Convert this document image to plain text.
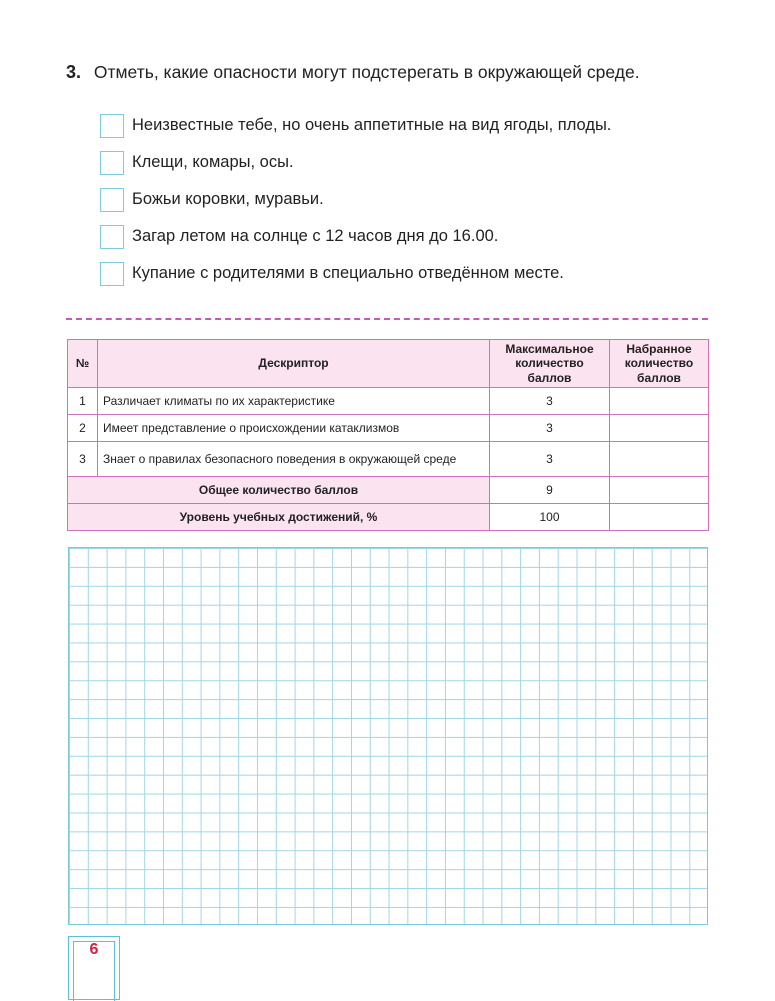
3. Отметь, какие опасности могут подстерегать в окружающей среде.
Неизвестные тебе, но очень аппетитные на вид ягоды, плоды.
Клещи, комары, осы.
Божьи коровки, муравьи.
Загар летом на солнце с 12 часов дня до 16.00.
Купание с родителями в специально отведённом месте.
№	Дескриптор	Максимальное количество баллов	Набранное количество баллов
1	Различает климаты по их характеристике	3	
2	Имеет представление о происхождении катаклизмов	3	
3	Знает о правилах безопасного поведения в окружающей среде	3	
Общее количество баллов		9	
Уровень учебных достижений, %		100	
6
